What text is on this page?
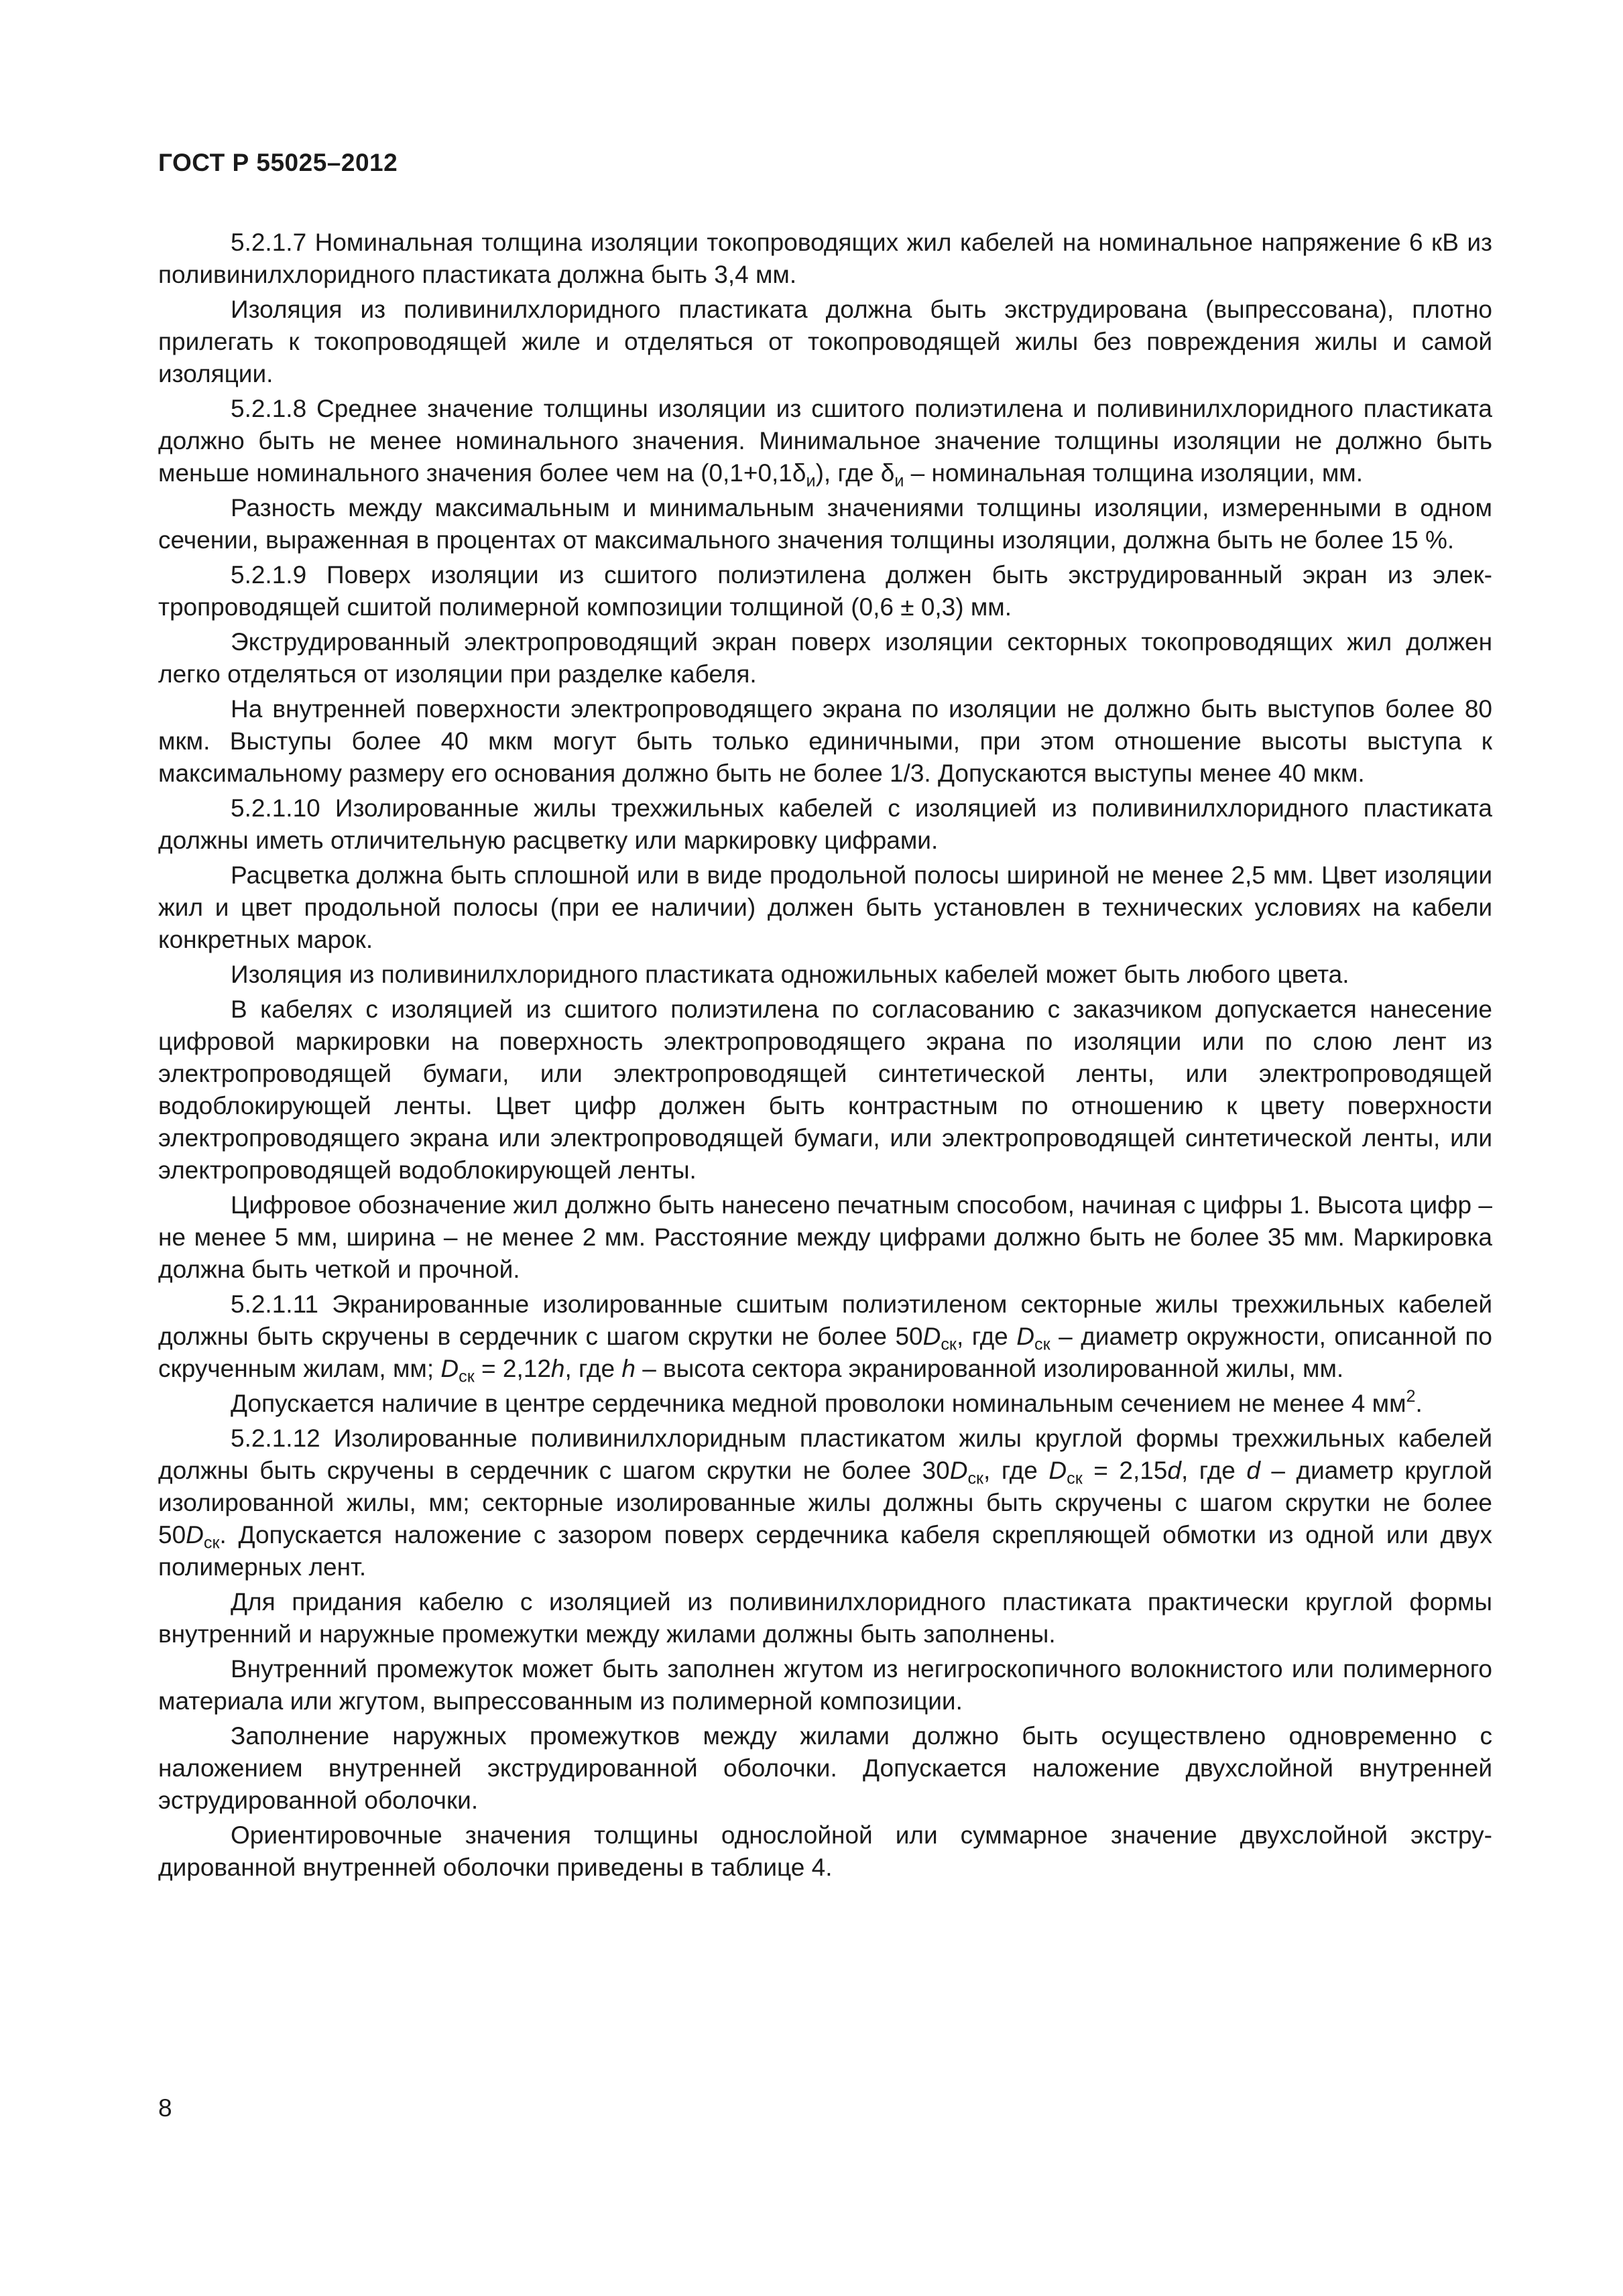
ГОСТ Р 55025–2012

5.2.1.7 Номинальная толщина изоляции токопроводящих жил кабелей на номинальное напряжение 6 кВ из поливинилхлоридного пластиката должна быть 3,4 мм.

Изоляция из поливинилхлоридного пластиката должна быть экструдирована (выпрессована), плотно прилегать к токопроводящей жиле и отделяться от токопроводящей жилы без повреждения жилы и самой изоляции.

5.2.1.8 Среднее значение толщины изоляции из сшитого полиэтилена и поливинилхлоридного пластиката должно быть не менее номинального значения. Минимальное значение толщины изоляции не должно быть меньше номинального значения более чем на $(0,1+0,1\delta_и)$, где $\delta_и$ – номинальная толщина изоляции, мм.

Разность между максимальным и минимальным значениями толщины изоляции, измеренными в одном сечении, выраженная в процентах от максимального значения толщины изоляции, должна быть не более 15 %.

5.2.1.9 Поверх изоляции из сшитого полиэтилена должен быть экструдированный экран из электропроводящей сшитой полимерной композиции толщиной (0,6 ± 0,3) мм.

Экструдированный электропроводящий экран поверх изоляции секторных токопроводящих жил должен легко отделяться от изоляции при разделке кабеля.

На внутренней поверхности электропроводящего экрана по изоляции не должно быть выступов более 80 мкм. Выступы более 40 мкм могут быть только единичными, при этом отношение высоты выступа к максимальному размеру его основания должно быть не более 1/3. Допускаются выступы менее 40 мкм.

5.2.1.10 Изолированные жилы трехжильных кабелей с изоляцией из поливинилхлоридного пластиката должны иметь отличительную расцветку или маркировку цифрами.

Расцветка должна быть сплошной или в виде продольной полосы шириной не менее 2,5 мм. Цвет изоляции жил и цвет продольной полосы (при ее наличии) должен быть установлен в технических условиях на кабели конкретных марок.

Изоляция из поливинилхлоридного пластиката одножильных кабелей может быть любого цвета.

В кабелях с изоляцией из сшитого полиэтилена по согласованию с заказчиком допускается нанесение цифровой маркировки на поверхность электропроводящего экрана по изоляции или по слою лент из электропроводящей бумаги, или электропроводящей синтетической ленты, или электропроводящей водоблокирующей ленты. Цвет цифр должен быть контрастным по отношению к цвету поверхности электропроводящего экрана или электропроводящей бумаги, или электропроводящей синтетической ленты, или электропроводящей водоблокирующей ленты.

Цифровое обозначение жил должно быть нанесено печатным способом, начиная с цифры 1. Высота цифр – не менее 5 мм, ширина – не менее 2 мм. Расстояние между цифрами должно быть не более 35 мм. Маркировка должна быть четкой и прочной.

5.2.1.11 Экранированные изолированные сшитым полиэтиленом секторные жилы трехжильных кабелей должны быть скручены в сердечник с шагом скрутки не более $50D_{ск}$, где $D_{ск}$ – диаметр окружности, описанной по скрученным жилам, мм; $D_{ск} = 2,12h$, где h – высота сектора экранированной изолированной жилы, мм.

Допускается наличие в центре сердечника медной проволоки номинальным сечением не менее 4 $мм^2$.

5.2.1.12 Изолированные поливинилхлоридным пластикатом жилы круглой формы трехжильных кабелей должны быть скручены в сердечник с шагом скрутки не более $30D_{ск}$, где $D_{ск} = 2,15d$, где d – диаметр круглой изолированной жилы, мм; секторные изолированные жилы должны быть скручены с шагом скрутки не более $50D_{ск}$. Допускается наложение с зазором поверх сердечника кабеля скрепляющей обмотки из одной или двух полимерных лент.

Для придания кабелю с изоляцией из поливинилхлоридного пластиката практически круглой формы внутренний и наружные промежутки между жилами должны быть заполнены.

Внутренний промежуток может быть заполнен жгутом из негигроскопичного волокнистого или полимерного материала или жгутом, выпрессованным из полимерной композиции.

Заполнение наружных промежутков между жилами должно быть осуществлено одновременно с наложением внутренней экструдированной оболочки. Допускается наложение двухслойной внутренней эструдированной оболочки.

Ориентировочные значения толщины однослойной или суммарное значение двухслойной экструдированной внутренней оболочки приведены в таблице 4.

8
